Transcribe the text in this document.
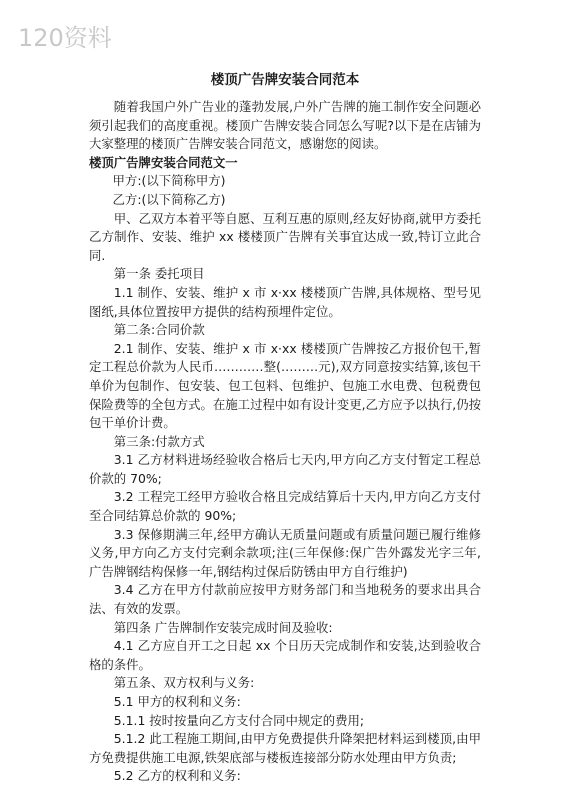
120资料
楼顶广告牌安装合同范本

随着我国户外广告业的蓬勃发展,户外广告牌的施工制作安全问题必须引起我们的高度重视。楼顶广告牌安装合同怎么写呢?以下是在店铺为大家整理的楼顶广告牌安装合同范文，感谢您的阅读。

楼顶广告牌安装合同范文一

甲方:(以下简称甲方)

乙方:(以下简称乙方)

甲、乙双方本着平等自愿、互利互惠的原则,经友好协商,就甲方委托乙方制作、安装、维护 xx 楼楼顶广告牌有关事宜达成一致,特订立此合同.

第一条 委托项目

1.1 制作、安装、维护 x 市 x·xx 楼楼顶广告牌,具体规格、型号见图纸,具体位置按甲方提供的结构预埋件定位。

第二条:合同价款

2.1 制作、安装、维护 x 市 x·xx 楼楼顶广告牌按乙方报价包干,暂定工程总价款为人民币…………整(………元),双方同意按实结算,该包干单价为包制作、包安装、包工包料、包维护、包施工水电费、包税费包保险费等的全包方式。在施工过程中如有设计变更,乙方应予以执行,仍按包干单价计费。

第三条:付款方式

3.1 乙方材料进场经验收合格后七天内,甲方向乙方支付暂定工程总价款的 70%;

3.2 工程完工经甲方验收合格且完成结算后十天内,甲方向乙方支付至合同结算总价款的 90%;

3.3 保修期满三年,经甲方确认无质量问题或有质量问题已履行维修义务,甲方向乙方支付完剩余款项;注(三年保修:保广告外露发光字三年,广告牌钢结构保修一年,钢结构过保后防锈由甲方自行维护)

3.4 乙方在甲方付款前应按甲方财务部门和当地税务的要求出具合法、有效的发票。

第四条 广告牌制作安装完成时间及验收:

4.1 乙方应自开工之日起 xx 个日历天完成制作和安装,达到验收合格的条件。

第五条、双方权利与义务:

5.1 甲方的权利和义务:

5.1.1 按时按量向乙方支付合同中规定的费用;

5.1.2 此工程施工期间,由甲方免费提供升降架把材料运到楼顶,由甲方免费提供施工电源,铁架底部与楼板连接部分防水处理由甲方负责;

5.2 乙方的权利和义务:
